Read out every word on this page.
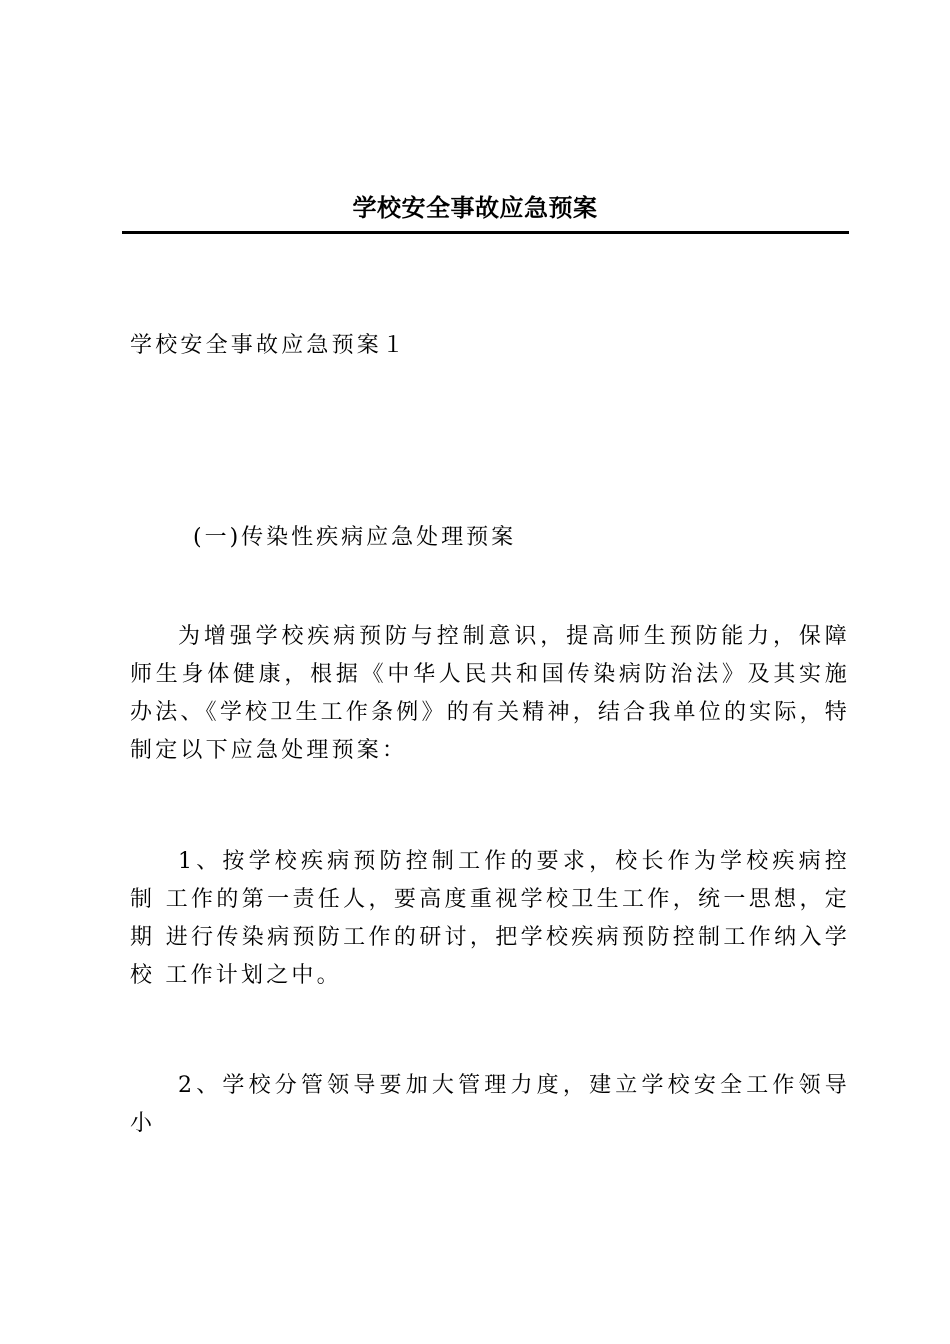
学校安全事故应急预案
学校安全事故应急预案１
(一)传染性疾病应急处理预案
为增强学校疾病预防与控制意识，提高师生预防能力，保障师生身体健康，根据《中华人民共和国传染病防治法》及其实施办法、《学校卫生工作条例》的有关精神，结合我单位的实际，特制定以下应急处理预案：
1、按学校疾病预防控制工作的要求，校长作为学校疾病控制 工作的第一责任人，要高度重视学校卫生工作，统一思想，定期 进行传染病预防工作的研讨，把学校疾病预防控制工作纳入学校 工作计划之中。
2、学校分管领导要加大管理力度，建立学校安全工作领导小
